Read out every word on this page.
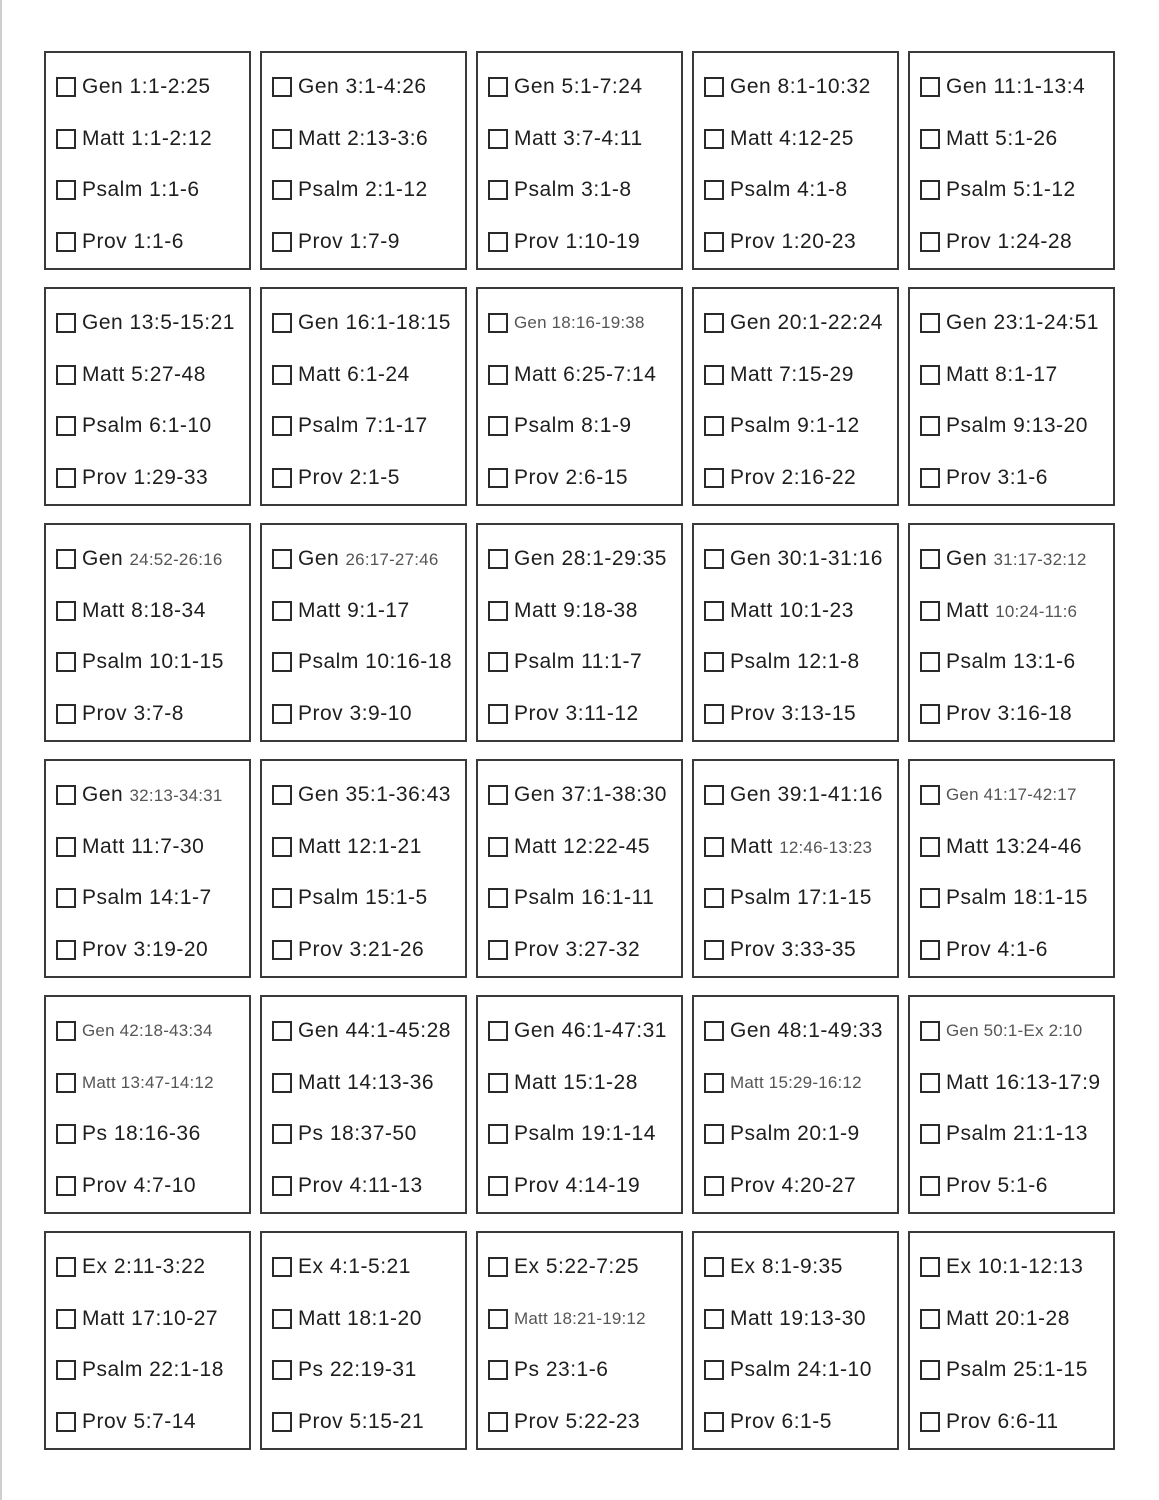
Gen 1:1-2:25
Matt 1:1-2:12
Psalm 1:1-6
Prov 1:1-6
Gen 3:1-4:26
Matt 2:13-3:6
Psalm 2:1-12
Prov 1:7-9
Gen 5:1-7:24
Matt 3:7-4:11
Psalm 3:1-8
Prov 1:10-19
Gen 8:1-10:32
Matt 4:12-25
Psalm 4:1-8
Prov 1:20-23
Gen 11:1-13:4
Matt 5:1-26
Psalm 5:1-12
Prov 1:24-28
Gen 13:5-15:21
Matt 5:27-48
Psalm 6:1-10
Prov 1:29-33
Gen 16:1-18:15
Matt 6:1-24
Psalm 7:1-17
Prov 2:1-5
Gen 18:16-19:38
Matt 6:25-7:14
Psalm 8:1-9
Prov 2:6-15
Gen 20:1-22:24
Matt 7:15-29
Psalm 9:1-12
Prov 2:16-22
Gen 23:1-24:51
Matt 8:1-17
Psalm 9:13-20
Prov 3:1-6
Gen 24:52-26:16
Matt 8:18-34
Psalm 10:1-15
Prov 3:7-8
Gen 26:17-27:46
Matt 9:1-17
Psalm 10:16-18
Prov 3:9-10
Gen 28:1-29:35
Matt 9:18-38
Psalm 11:1-7
Prov 3:11-12
Gen 30:1-31:16
Matt 10:1-23
Psalm 12:1-8
Prov 3:13-15
Gen 31:17-32:12
Matt 10:24-11:6
Psalm 13:1-6
Prov 3:16-18
Gen 32:13-34:31
Matt 11:7-30
Psalm 14:1-7
Prov 3:19-20
Gen 35:1-36:43
Matt 12:1-21
Psalm 15:1-5
Prov 3:21-26
Gen 37:1-38:30
Matt 12:22-45
Psalm 16:1-11
Prov 3:27-32
Gen 39:1-41:16
Matt 12:46-13:23
Psalm 17:1-15
Prov 3:33-35
Gen 41:17-42:17
Matt 13:24-46
Psalm 18:1-15
Prov 4:1-6
Gen 42:18-43:34
Matt 13:47-14:12
Ps 18:16-36
Prov 4:7-10
Gen 44:1-45:28
Matt 14:13-36
Ps 18:37-50
Prov 4:11-13
Gen 46:1-47:31
Matt 15:1-28
Psalm 19:1-14
Prov 4:14-19
Gen 48:1-49:33
Matt 15:29-16:12
Psalm 20:1-9
Prov 4:20-27
Gen 50:1-Ex 2:10
Matt 16:13-17:9
Psalm 21:1-13
Prov 5:1-6
Ex 2:11-3:22
Matt 17:10-27
Psalm 22:1-18
Prov 5:7-14
Ex 4:1-5:21
Matt 18:1-20
Ps 22:19-31
Prov 5:15-21
Ex 5:22-7:25
Matt 18:21-19:12
Ps 23:1-6
Prov 5:22-23
Ex 8:1-9:35
Matt 19:13-30
Psalm 24:1-10
Prov 6:1-5
Ex 10:1-12:13
Matt 20:1-28
Psalm 25:1-15
Prov 6:6-11
